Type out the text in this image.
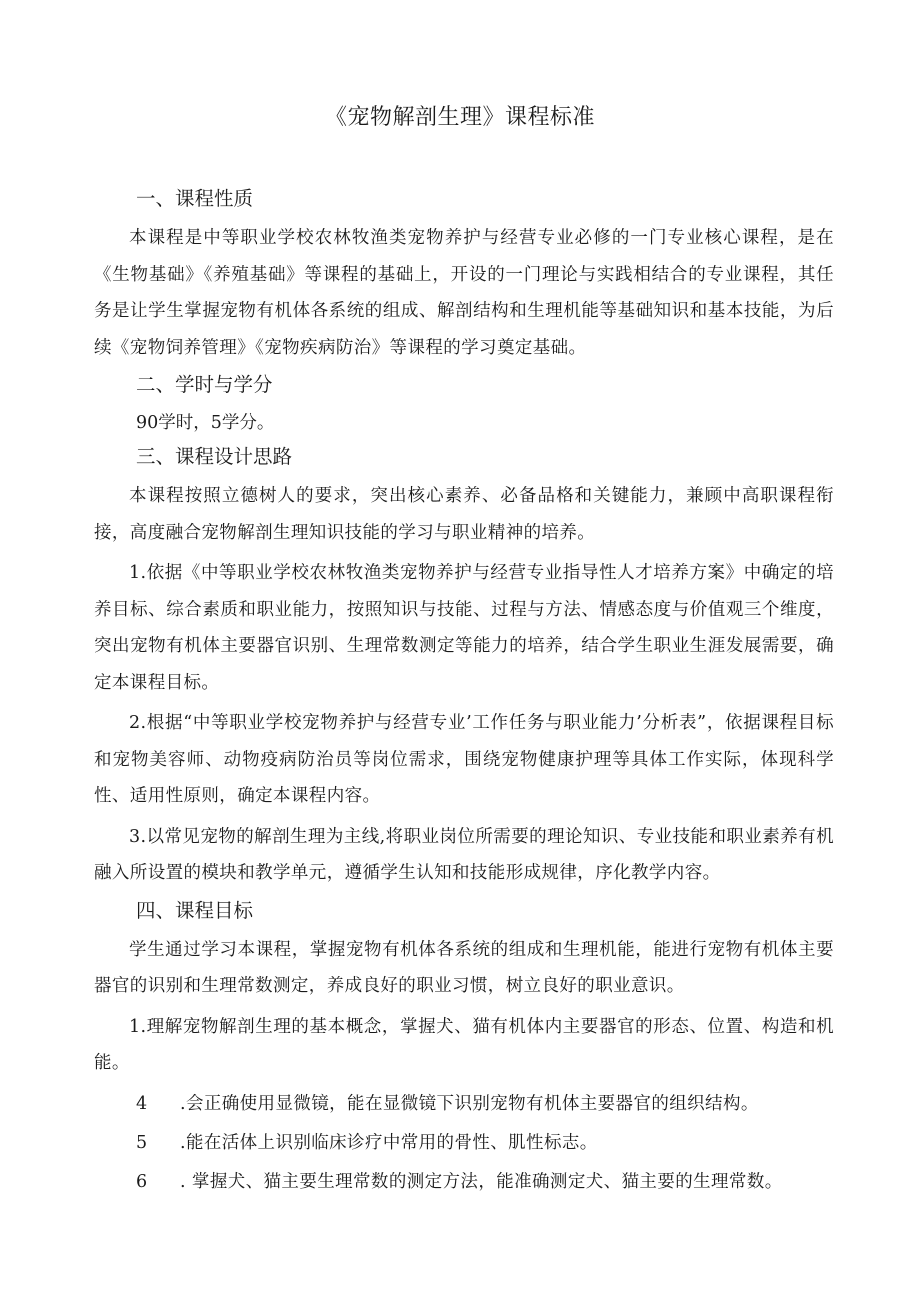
《宠物解剖生理》课程标准
一、课程性质

本课程是中等职业学校农林牧渔类宠物养护与经营专业必修的一门专业核心课程，是在《生物基础》《养殖基础》等课程的基础上，开设的一门理论与实践相结合的专业课程，其任务是让学生掌握宠物有机体各系统的组成、解剖结构和生理机能等基础知识和基本技能，为后续《宠物饲养管理》《宠物疾病防治》等课程的学习奠定基础。

二、学时与学分
90学时，5学分。
三、课程设计思路

本课程按照立德树人的要求，突出核心素养、必备品格和关键能力，兼顾中高职课程衔接，高度融合宠物解剖生理知识技能的学习与职业精神的培养。

1.依据《中等职业学校农林牧渔类宠物养护与经营专业指导性人才培养方案》中确定的培养目标、综合素质和职业能力，按照知识与技能、过程与方法、情感态度与价值观三个维度，突出宠物有机体主要器官识别、生理常数测定等能力的培养，结合学生职业生涯发展需要，确定本课程目标。

2.根据“中等职业学校宠物养护与经营专业’工作任务与职业能力’分析表”，依据课程目标和宠物美容师、动物疫病防治员等岗位需求，围绕宠物健康护理等具体工作实际，体现科学性、适用性原则，确定本课程内容。

3.以常见宠物的解剖生理为主线,将职业岗位所需要的理论知识、专业技能和职业素养有机融入所设置的模块和教学单元，遵循学生认知和技能形成规律，序化教学内容。

四、课程目标

学生通过学习本课程，掌握宠物有机体各系统的组成和生理机能，能进行宠物有机体主要器官的识别和生理常数测定，养成良好的职业习惯，树立良好的职业意识。

1.理解宠物解剖生理的基本概念，掌握犬、猫有机体内主要器官的形态、位置、构造和机能。

4 .会正确使用显微镜，能在显微镜下识别宠物有机体主要器官的组织结构。
5 .能在活体上识别临床诊疗中常用的骨性、肌性标志。
6 . 掌握犬、猫主要生理常数的测定方法，能准确测定犬、猫主要的生理常数。
